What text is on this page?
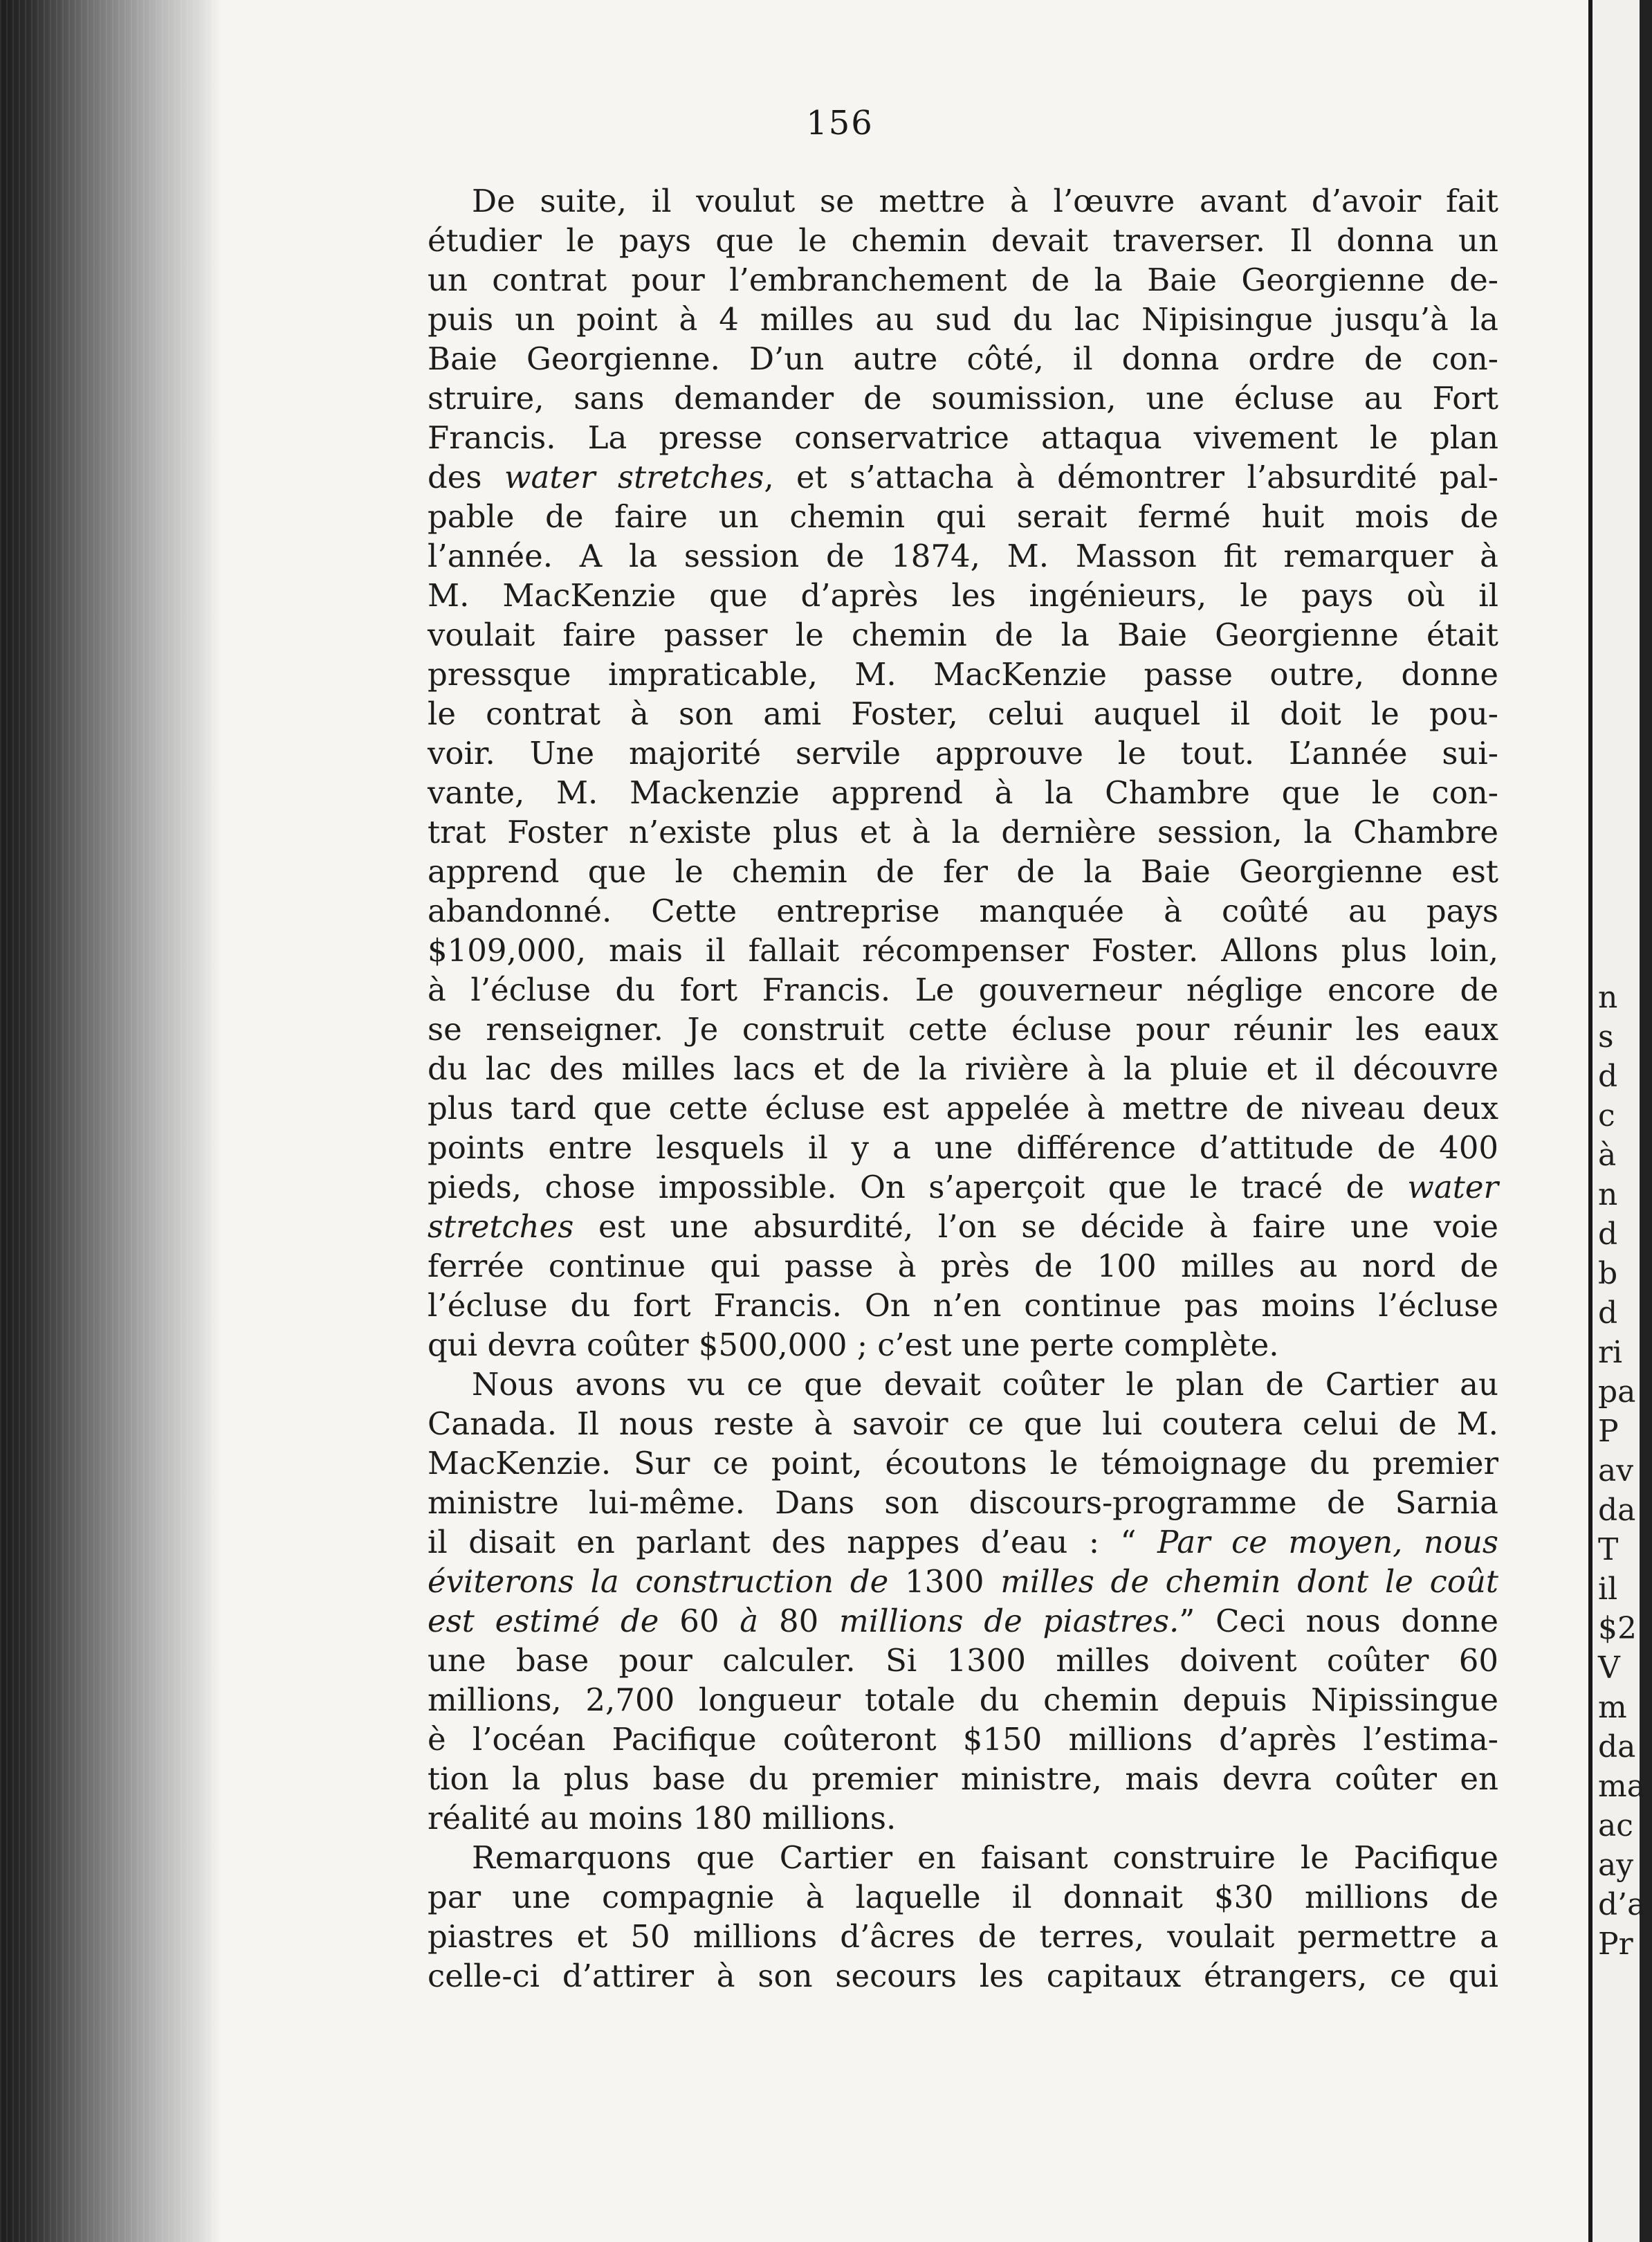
156
De suite, il voulut se mettre à l’œuvre avant d’avoir fait
étudier le pays que le chemin devait traverser. Il donna un
un contrat pour l’embranchement de la Baie Georgienne de-
puis un point à 4 milles au sud du lac Nipisingue jusqu’à la
Baie Georgienne. D’un autre côté, il donna ordre de con-
struire, sans demander de soumission, une écluse au Fort
Francis. La presse conservatrice attaqua vivement le plan
des water stretches, et s’attacha à démontrer l’absurdité pal-
pable de faire un chemin qui serait fermé huit mois de
l’année. A la session de 1874, M. Masson fit remarquer à
M. MacKenzie que d’après les ingénieurs, le pays où il
voulait faire passer le chemin de la Baie Georgienne était
pressque impraticable, M. MacKenzie passe outre, donne
le contrat à son ami Foster, celui auquel il doit le pou-
voir. Une majorité servile approuve le tout. L’année sui-
vante, M. Mackenzie apprend à la Chambre que le con-
trat Foster n’existe plus et à la dernière session, la Chambre
apprend que le chemin de fer de la Baie Georgienne est
abandonné. Cette entreprise manquée à coûté au pays
$109,000, mais il fallait récompenser Foster. Allons plus loin,
à l’écluse du fort Francis. Le gouverneur néglige encore de
se renseigner. Je construit cette écluse pour réunir les eaux
du lac des milles lacs et de la rivière à la pluie et il découvre
plus tard que cette écluse est appelée à mettre de niveau deux
points entre lesquels il y a une différence d’attitude de 400
pieds, chose impossible. On s’aperçoit que le tracé de water
stretches est une absurdité, l’on se décide à faire une voie
ferrée continue qui passe à près de 100 milles au nord de
l’écluse du fort Francis. On n’en continue pas moins l’écluse
qui devra coûter $500,000 ; c’est une perte complète.
Nous avons vu ce que devait coûter le plan de Cartier au
Canada. Il nous reste à savoir ce que lui coutera celui de M.
MacKenzie. Sur ce point, écoutons le témoignage du premier
ministre lui-même. Dans son discours-programme de Sarnia
il disait en parlant des nappes d’eau : “ Par ce moyen, nous
éviterons la construction de 1300 milles de chemin dont le coût
est estimé de 60 à 80 millions de piastres.” Ceci nous donne
une base pour calculer. Si 1300 milles doivent coûter 60
millions, 2,700 longueur totale du chemin depuis Nipissingue
è l’océan Pacifique coûteront $150 millions d’après l’estima-
tion la plus base du premier ministre, mais devra coûter en
réalité au moins 180 millions.
Remarquons que Cartier en faisant construire le Pacifique
par une compagnie à laquelle il donnait $30 millions de
piastres et 50 millions d’âcres de terres, voulait permettre a
celle-ci d’attirer à son secours les capitaux étrangers, ce qui
n
s
d
c
à
n
d
b
d
ri
pa
P
av
da
T
il
$2
V
m
da
ma
ac
ay
d’a
Pr
